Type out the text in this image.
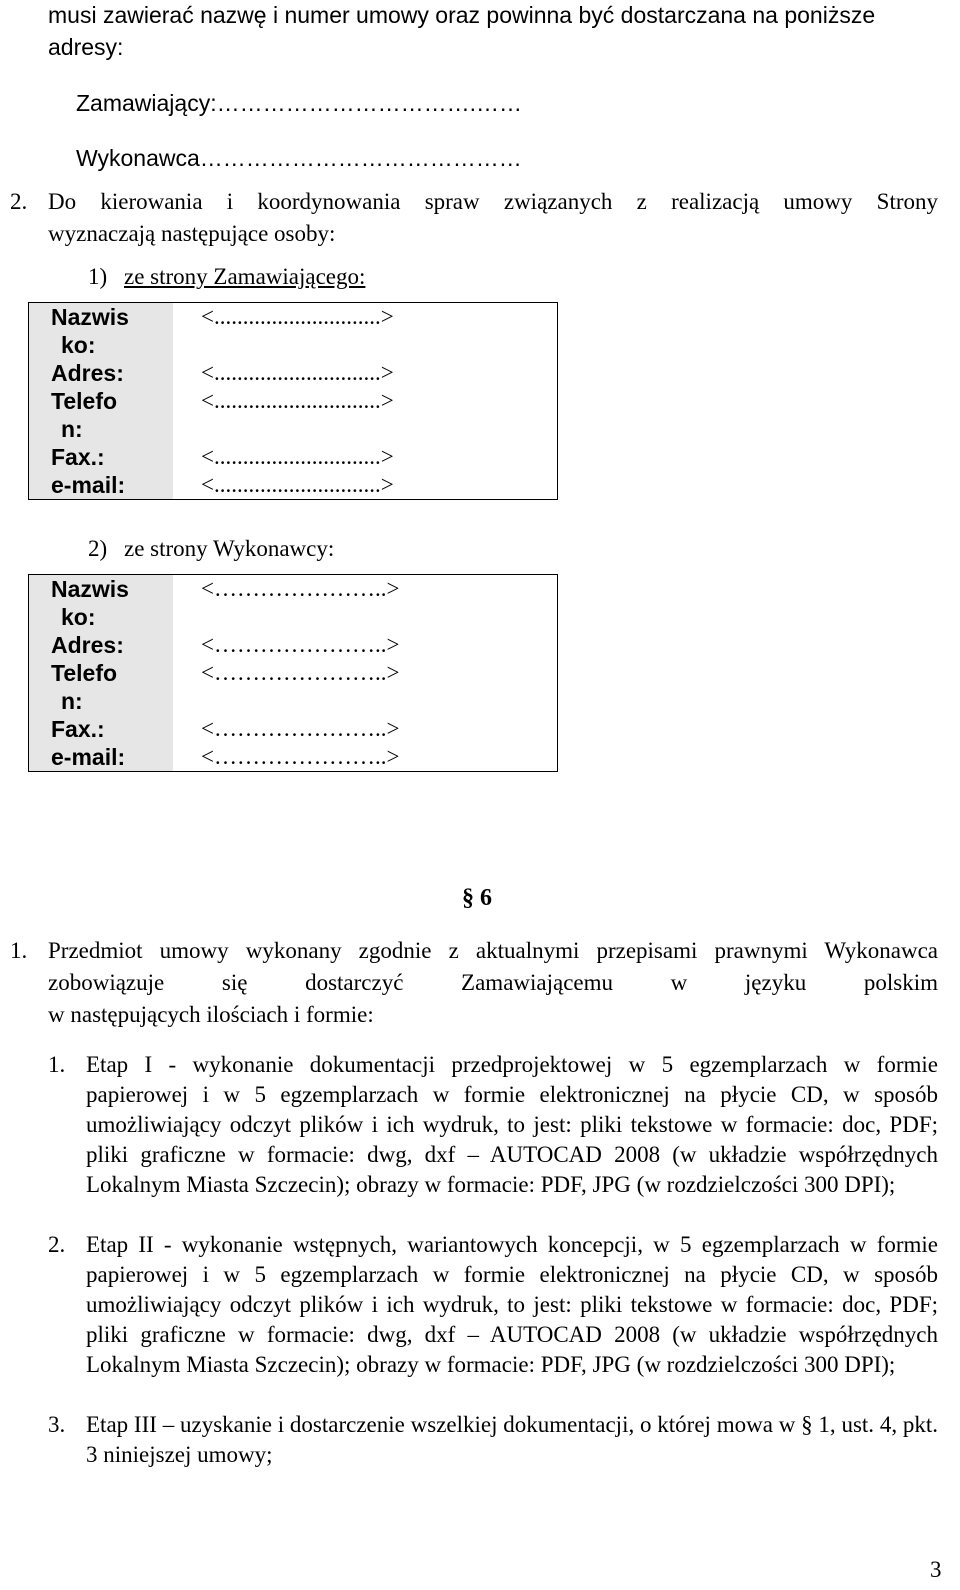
musi zawierać nazwę i numer umowy oraz powinna być dostarczana na poniższe
adresy:
Zamawiający:…………………………….……
Wykonawca……………………………………
2. Do kierowania i koordynowania spraw związanych z realizacją umowy Strony
wyznaczają następujące osoby:
1) ze strony Zamawiającego:
Nazwis
ko:	<.............................>
Adres:	<.............................>
Telefo
n:	<.............................>
Fax.:	<.............................>
e-mail:	<.............................>
2) ze strony Wykonawcy:
Nazwis
ko:	<…………………..>
Adres:	<…………………..>
Telefo
n:	<…………………..>
Fax.:	<…………………..>
e-mail:	<…………………..>
§ 6
1. Przedmiot umowy wykonany zgodnie z aktualnymi przepisami prawnymi Wykonawca
zobowiązuje się dostarczyć Zamawiającemu w języku polskim
w następujących ilościach i formie:
1. Etap I - wykonanie dokumentacji przedprojektowej w 5 egzemplarzach w formie papierowej i w 5 egzemplarzach w formie elektronicznej na płycie CD, w sposób umożliwiający odczyt plików i ich wydruk, to jest: pliki tekstowe w formacie: doc, PDF; pliki graficzne w formacie: dwg, dxf – AUTOCAD 2008 (w układzie współrzędnych Lokalnym Miasta Szczecin); obrazy w formacie: PDF, JPG (w rozdzielczości 300 DPI);
2. Etap II - wykonanie wstępnych, wariantowych koncepcji, w 5 egzemplarzach w formie papierowej i w 5 egzemplarzach w formie elektronicznej na płycie CD, w sposób umożliwiający odczyt plików i ich wydruk, to jest: pliki tekstowe w formacie: doc, PDF; pliki graficzne w formacie: dwg, dxf – AUTOCAD 2008 (w układzie współrzędnych Lokalnym Miasta Szczecin); obrazy w formacie: PDF, JPG (w rozdzielczości 300 DPI);
3. Etap III – uzyskanie i dostarczenie wszelkiej dokumentacji, o której mowa w § 1, ust. 4, pkt. 3 niniejszej umowy;
3
